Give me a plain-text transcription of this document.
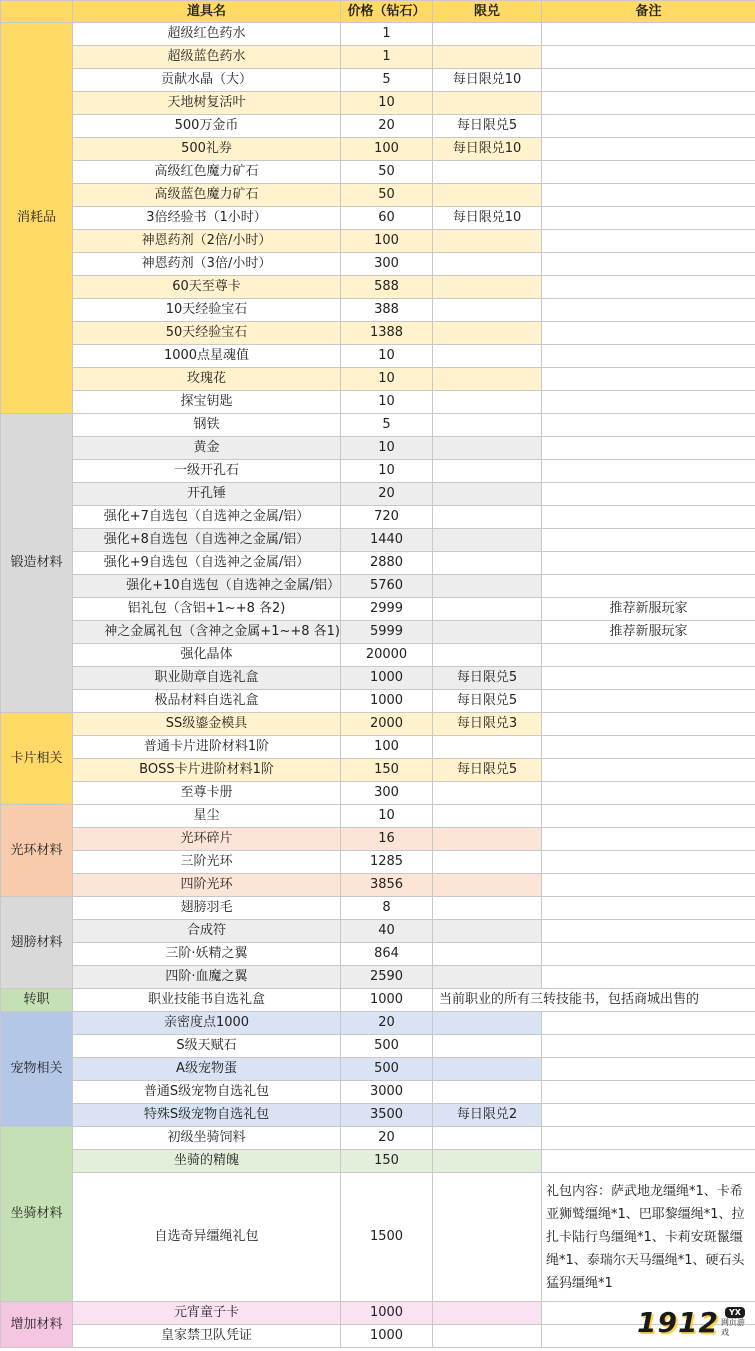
	道具名	价格（钻石）	限兑	备注
消耗品	超级红色药水	1		
	超级蓝色药水	1		
	贡献水晶（大）	5	每日限兑10	
	天地树复活叶	10		
	500万金币	20	每日限兑5	
	500礼券	100	每日限兑10	
	高级红色魔力矿石	50		
	高级蓝色魔力矿石	50		
	3倍经验书（1小时）	60	每日限兑10	
	神恩药剂（2倍/小时）	100		
	神恩药剂（3倍/小时）	300		
	60天至尊卡	588		
	10天经验宝石	388		
	50天经验宝石	1388		
	1000点星魂值	10		
	玫瑰花	10		
	探宝钥匙	10		
锻造材料	钢铁	5		
	黄金	10		
	一级开孔石	10		
	开孔锤	20		
	强化+7自选包（自选神之金属/铝）	720		
	强化+8自选包（自选神之金属/铝）	1440		
	强化+9自选包（自选神之金属/铝）	2880		
	强化+10自选包（自选神之金属/铝）	5760		
	铝礼包（含铝+1~+8 各2)	2999		推荐新服玩家
	神之金属礼包（含神之金属+1~+8 各1)	5999		推荐新服玩家
	强化晶体	20000		
	职业勋章自选礼盒	1000	每日限兑5	
	极品材料自选礼盒	1000	每日限兑5	
卡片相关	SS级鎏金模具	2000	每日限兑3	
	普通卡片进阶材料1阶	100		
	BOSS卡片进阶材料1阶	150	每日限兑5	
	至尊卡册	300		
光环材料	星尘	10		
	光环碎片	16		
	三阶光环	1285		
	四阶光环	3856		
翅膀材料	翅膀羽毛	8		
	合成符	40		
	三阶·妖精之翼	864		
	四阶·血魔之翼	2590		
转职	职业技能书自选礼盒	1000	当前职业的所有三转技能书，包括商城出售的	
宠物相关	亲密度点1000	20		
	S级天赋石	500		
	A级宠物蛋	500		
	普通S级宠物自选礼包	3000		
	特殊S级宠物自选礼包	3500	每日限兑2	
坐骑材料	初级坐骑饲料	20		
	坐骑的精魄	150		
	自选奇异缰绳礼包	1500		礼包内容：萨武地龙缰绳*1、卡希亚狮鹫缰绳*1、巴耶黎缰绳*1、拉扎卡陆行鸟缰绳*1、卡莉安斑鬣缰绳*1、泰瑞尔天马缰绳*1、硬石头猛犸缰绳*1
增加材料	元宵童子卡	1000		
	皇家禁卫队凭证	1000			1912	YX
网页游戏
